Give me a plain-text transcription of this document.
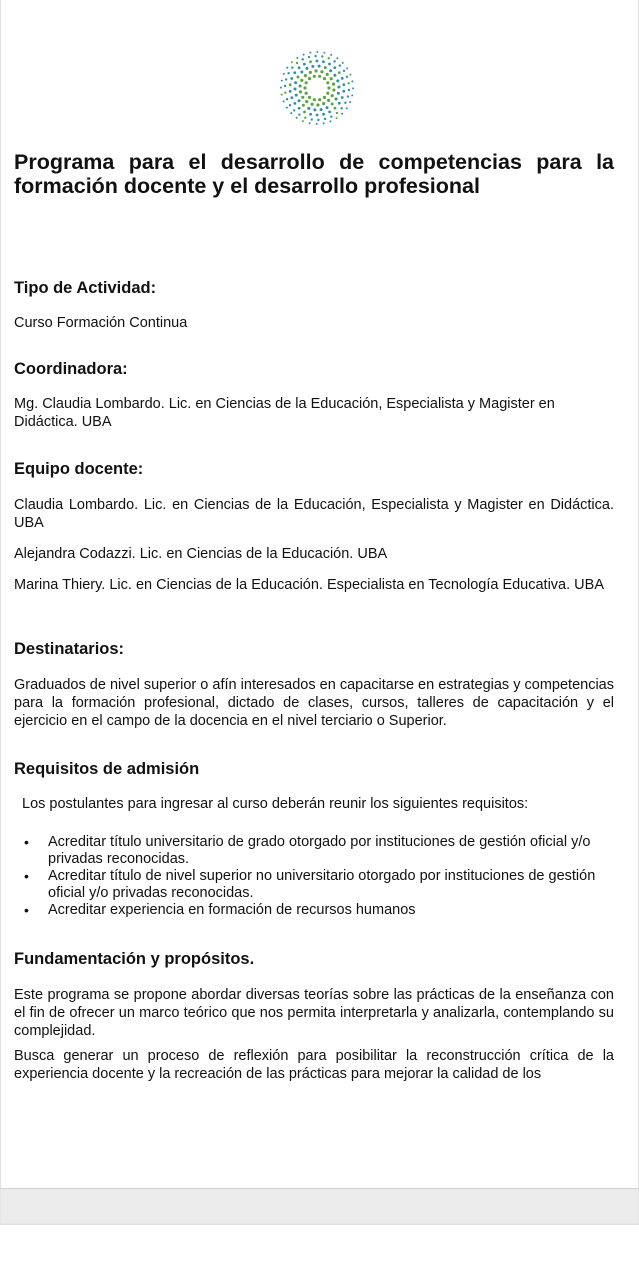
Programa para el desarrollo de competencias para la formación docente y el desarrollo profesional
Tipo de Actividad:

Curso Formación Continua

Coordinadora:

Mg. Claudia Lombardo. Lic. en Ciencias de la Educación, Especialista y Magister en Didáctica. UBA

Equipo docente:

Claudia Lombardo. Lic. en Ciencias de la Educación, Especialista y Magister en Didáctica. UBA

Alejandra Codazzi. Lic. en Ciencias de la Educación. UBA

Marina Thiery. Lic. en Ciencias de la Educación. Especialista en Tecnología Educativa. UBA

Destinatarios:

Graduados de nivel superior o afín interesados en capacitarse en estrategias y competencias para la formación profesional, dictado de clases, cursos, talleres de capacitación y el ejercicio en el campo de la docencia en el nivel terciario o Superior.

Requisitos de admisión

Los postulantes para ingresar al curso deberán reunir los siguientes requisitos:

• Acreditar título universitario de grado otorgado por instituciones de gestión oficial y/o privadas reconocidas.
• Acreditar título de nivel superior no universitario otorgado por instituciones de gestión oficial y/o privadas reconocidas.
• Acreditar experiencia en formación de recursos humanos
Fundamentación y propósitos.

Este programa se propone abordar diversas teorías sobre las prácticas de la enseñanza con el fin de ofrecer un marco teórico que nos permita interpretarla y analizarla, contemplando su complejidad.

Busca generar un proceso de reflexión para posibilitar la reconstrucción crítica de la experiencia docente y la recreación de las prácticas para mejorar la calidad de los
